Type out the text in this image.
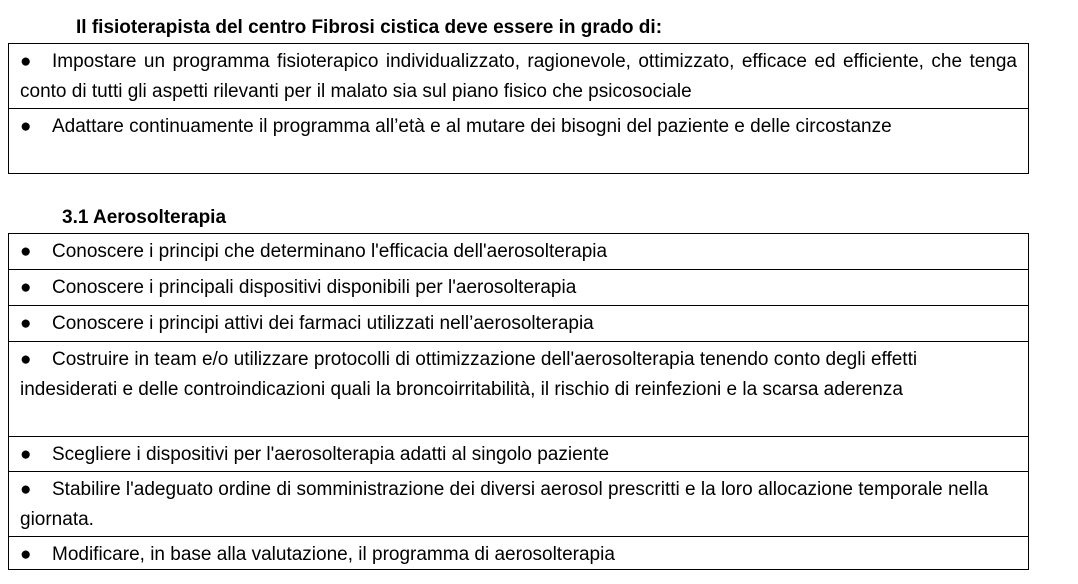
Il fisioterapista del centro Fibrosi cistica deve essere in grado di:
● Impostare un programma fisioterapico individualizzato, ragionevole, ottimizzato, efficace ed efficiente, che tenga conto di tutti gli aspetti rilevanti per il malato sia sul piano fisico che psicosociale
● Adattare continuamente il programma all’età e al mutare dei bisogni del paziente e delle circostanze
3.1 Aerosolterapia
● Conoscere i principi che determinano l'efficacia dell'aerosolterapia
● Conoscere i principali dispositivi disponibili per l'aerosolterapia
● Conoscere i principi attivi dei farmaci utilizzati nell’aerosolterapia
● Costruire in team e/o utilizzare protocolli di ottimizzazione dell'aerosolterapia tenendo conto degli effetti indesiderati e delle controindicazioni quali la broncoirritabilità, il rischio di reinfezioni e la scarsa aderenza
● Scegliere i dispositivi per l'aerosolterapia adatti al singolo paziente
● Stabilire l'adeguato ordine di somministrazione dei diversi aerosol prescritti e la loro allocazione temporale nella giornata.
● Modificare, in base alla valutazione, il programma di aerosolterapia
